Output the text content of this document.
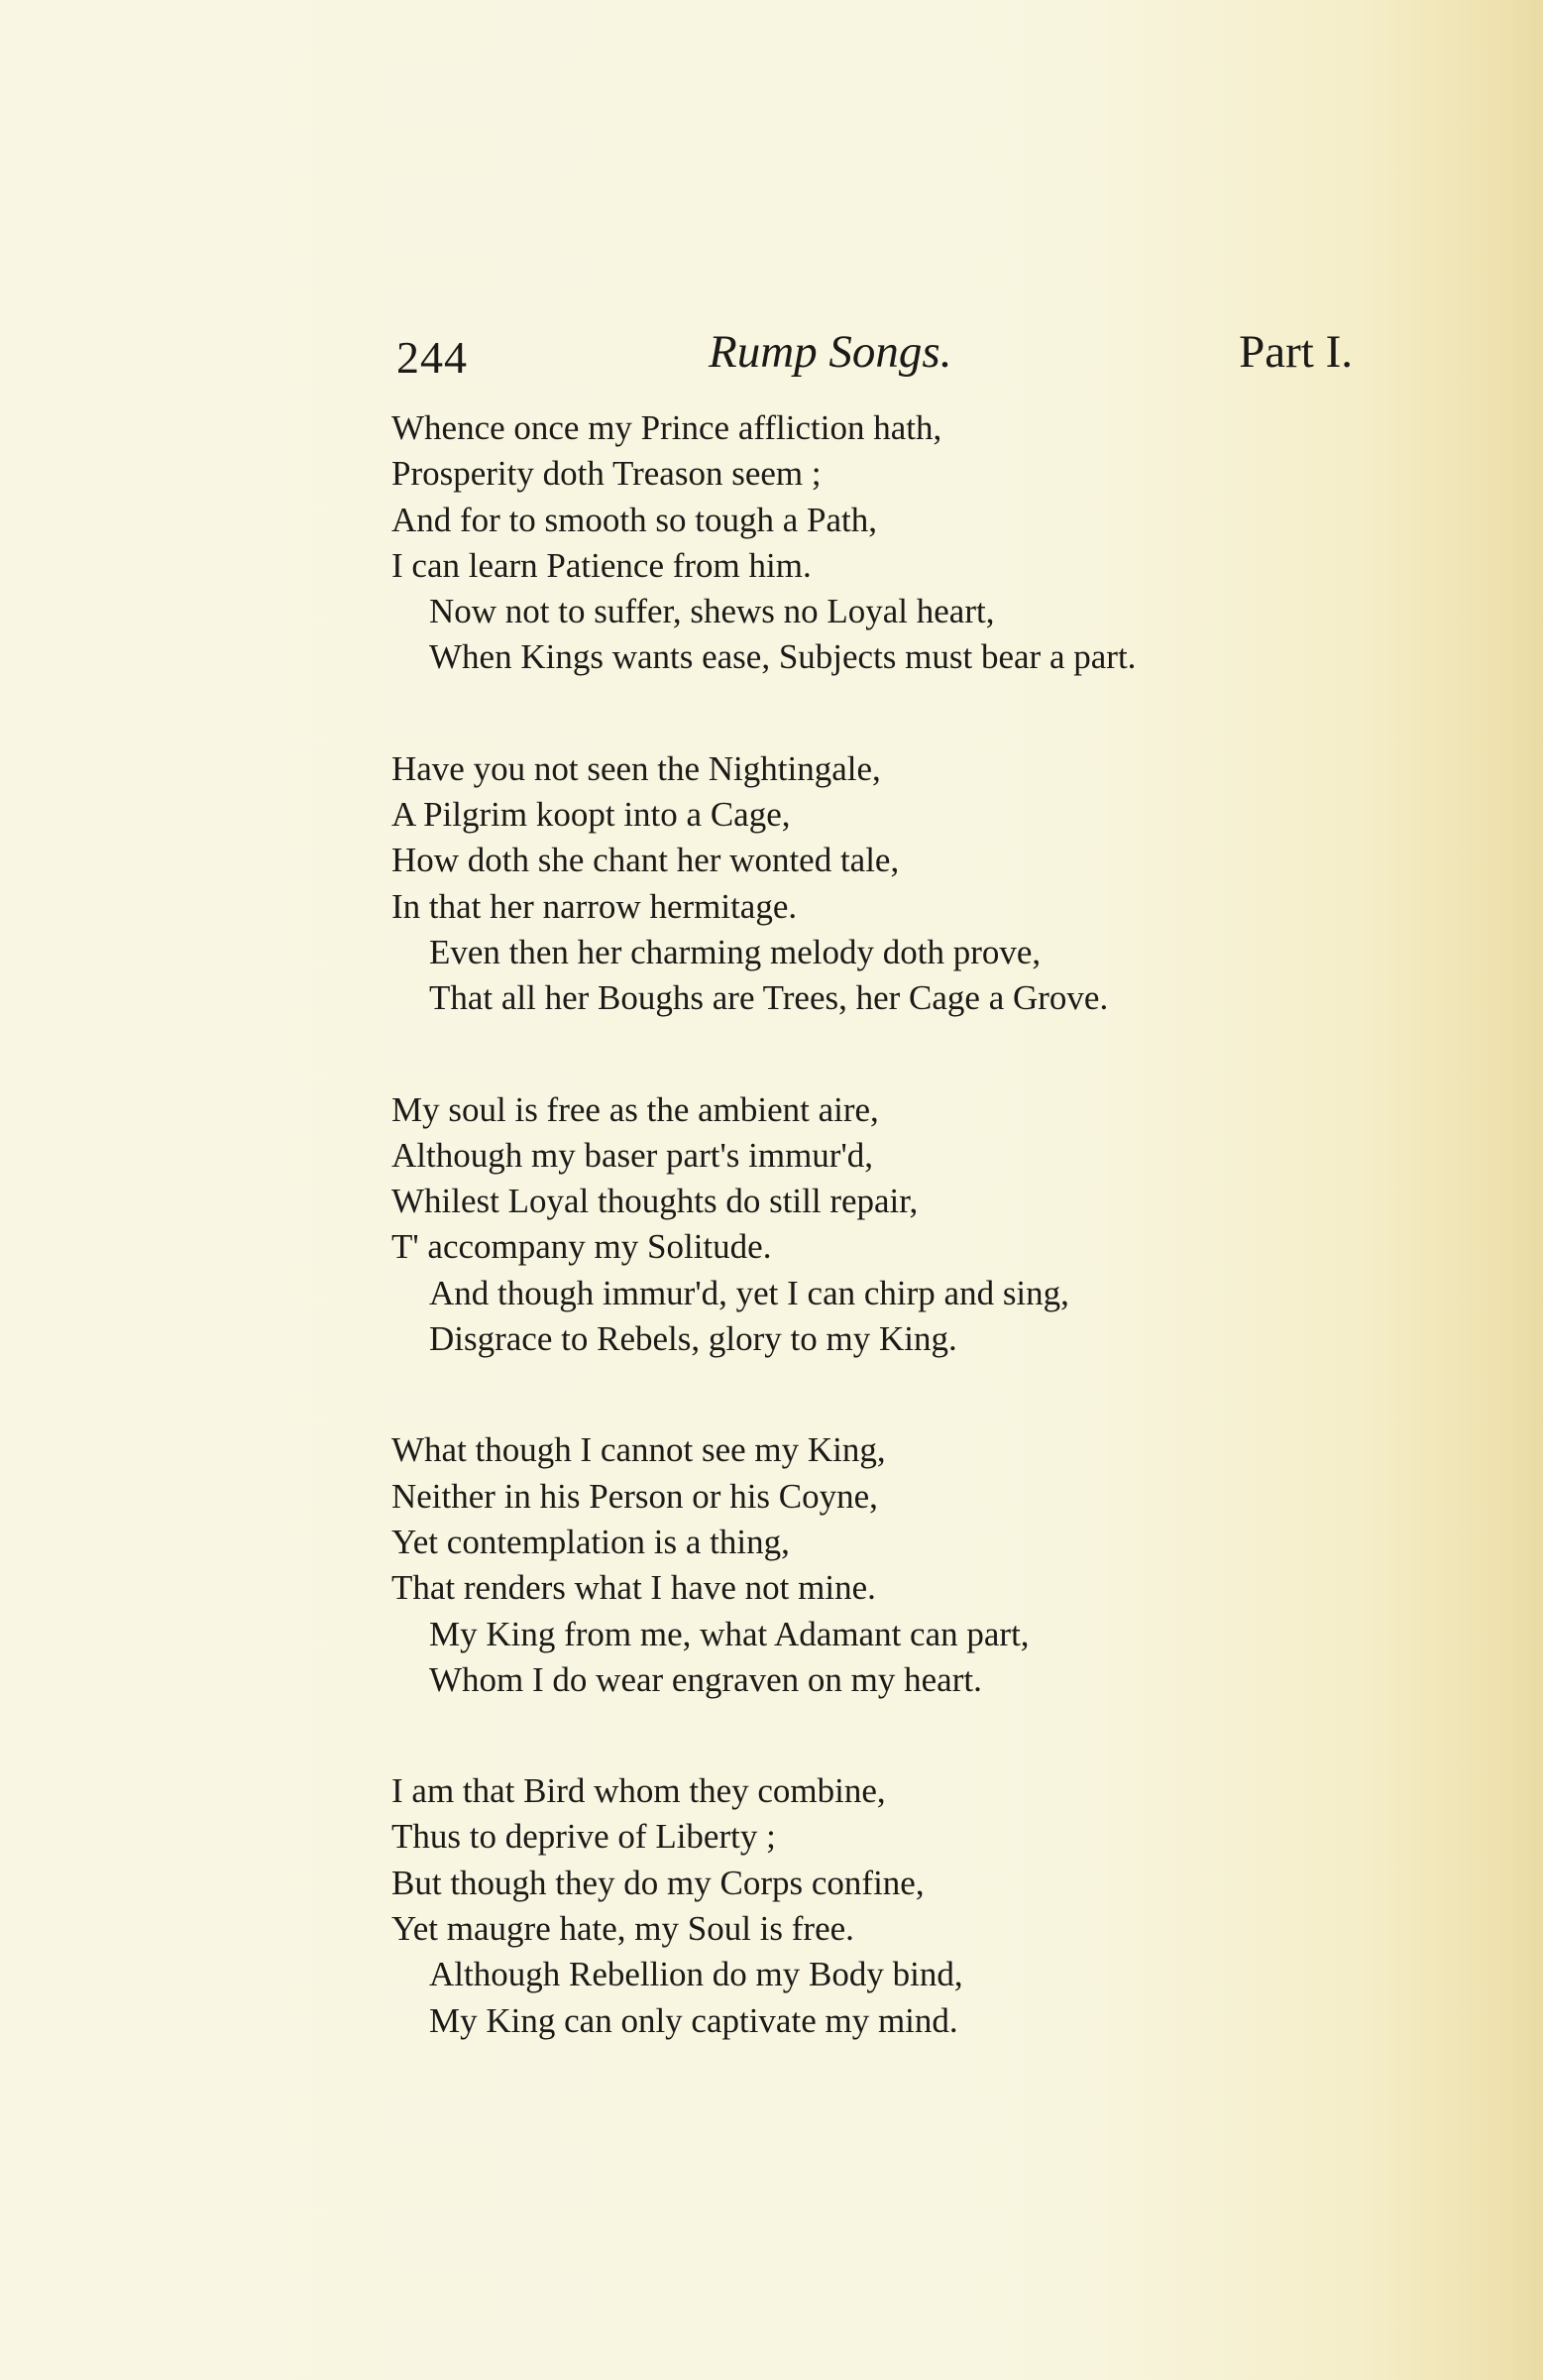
244	Rump Songs.	Part I.
Whence once my Prince affliction hath,
Prosperity doth Treason seem ;
And for to smooth so tough a Path,
I can learn Patience from him.
Now not to suffer, shews no Loyal heart,
When Kings wants ease, Subjects must bear a part.
Have you not seen the Nightingale,
A Pilgrim koopt into a Cage,
How doth she chant her wonted tale,
In that her narrow hermitage.
Even then her charming melody doth prove,
That all her Boughs are Trees, her Cage a Grove.
My soul is free as the ambient aire,
Although my baser part's immur'd,
Whilest Loyal thoughts do still repair,
T' accompany my Solitude.
And though immur'd, yet I can chirp and sing,
Disgrace to Rebels, glory to my King.
What though I cannot see my King,
Neither in his Person or his Coyne,
Yet contemplation is a thing,
That renders what I have not mine.
My King from me, what Adamant can part,
Whom I do wear engraven on my heart.
I am that Bird whom they combine,
Thus to deprive of Liberty ;
But though they do my Corps confine,
Yet maugre hate, my Soul is free.
Although Rebellion do my Body bind,
My King can only captivate my mind.
